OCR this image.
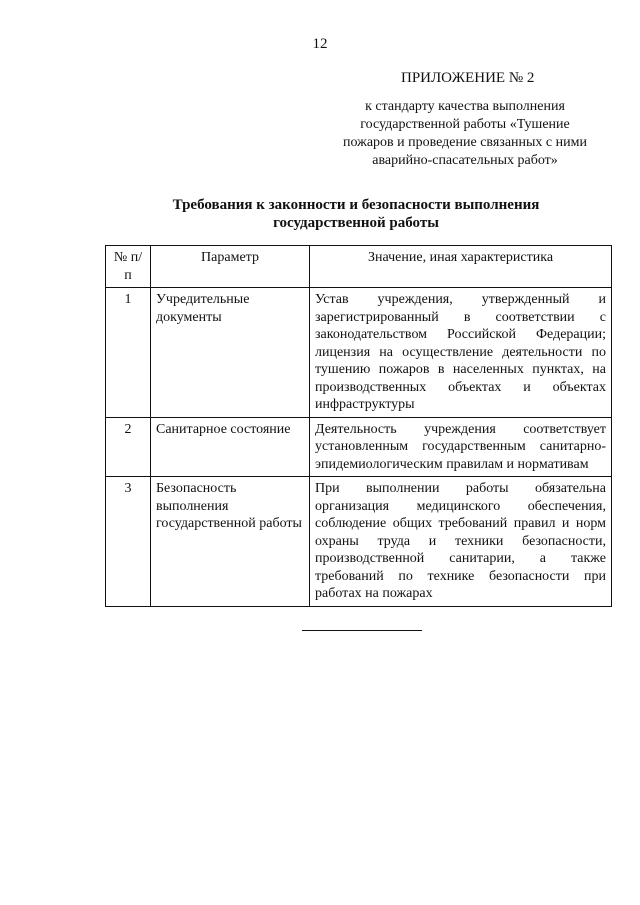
12
ПРИЛОЖЕНИЕ № 2
к стандарту качества выполнения
государственной работы «Тушение
пожаров и проведение связанных с ними
аварийно-спасательных работ»
Требования к законности и безопасности выполнения
государственной работы
№ п/п	Параметр	Значение, иная характеристика
1	Учредительные документы	Устав учреждения, утвержденный и зарегистрированный в соответствии с законодательством Российской Федерации; лицензия на осуществление деятельности по тушению пожаров в населенных пунктах, на производственных объектах и объектах инфраструктуры
2	Санитарное состояние	Деятельность учреждения соответствует установленным государственным санитарно-эпидемиологическим правилам и нормативам
3	Безопасность выполнения государственной работы	При выполнении работы обязательна организация медицинского обеспечения, соблюдение общих требований правил и норм охраны труда и техники безопасности, производственной санитарии, а также требований по технике безопасности при работах на пожарах
